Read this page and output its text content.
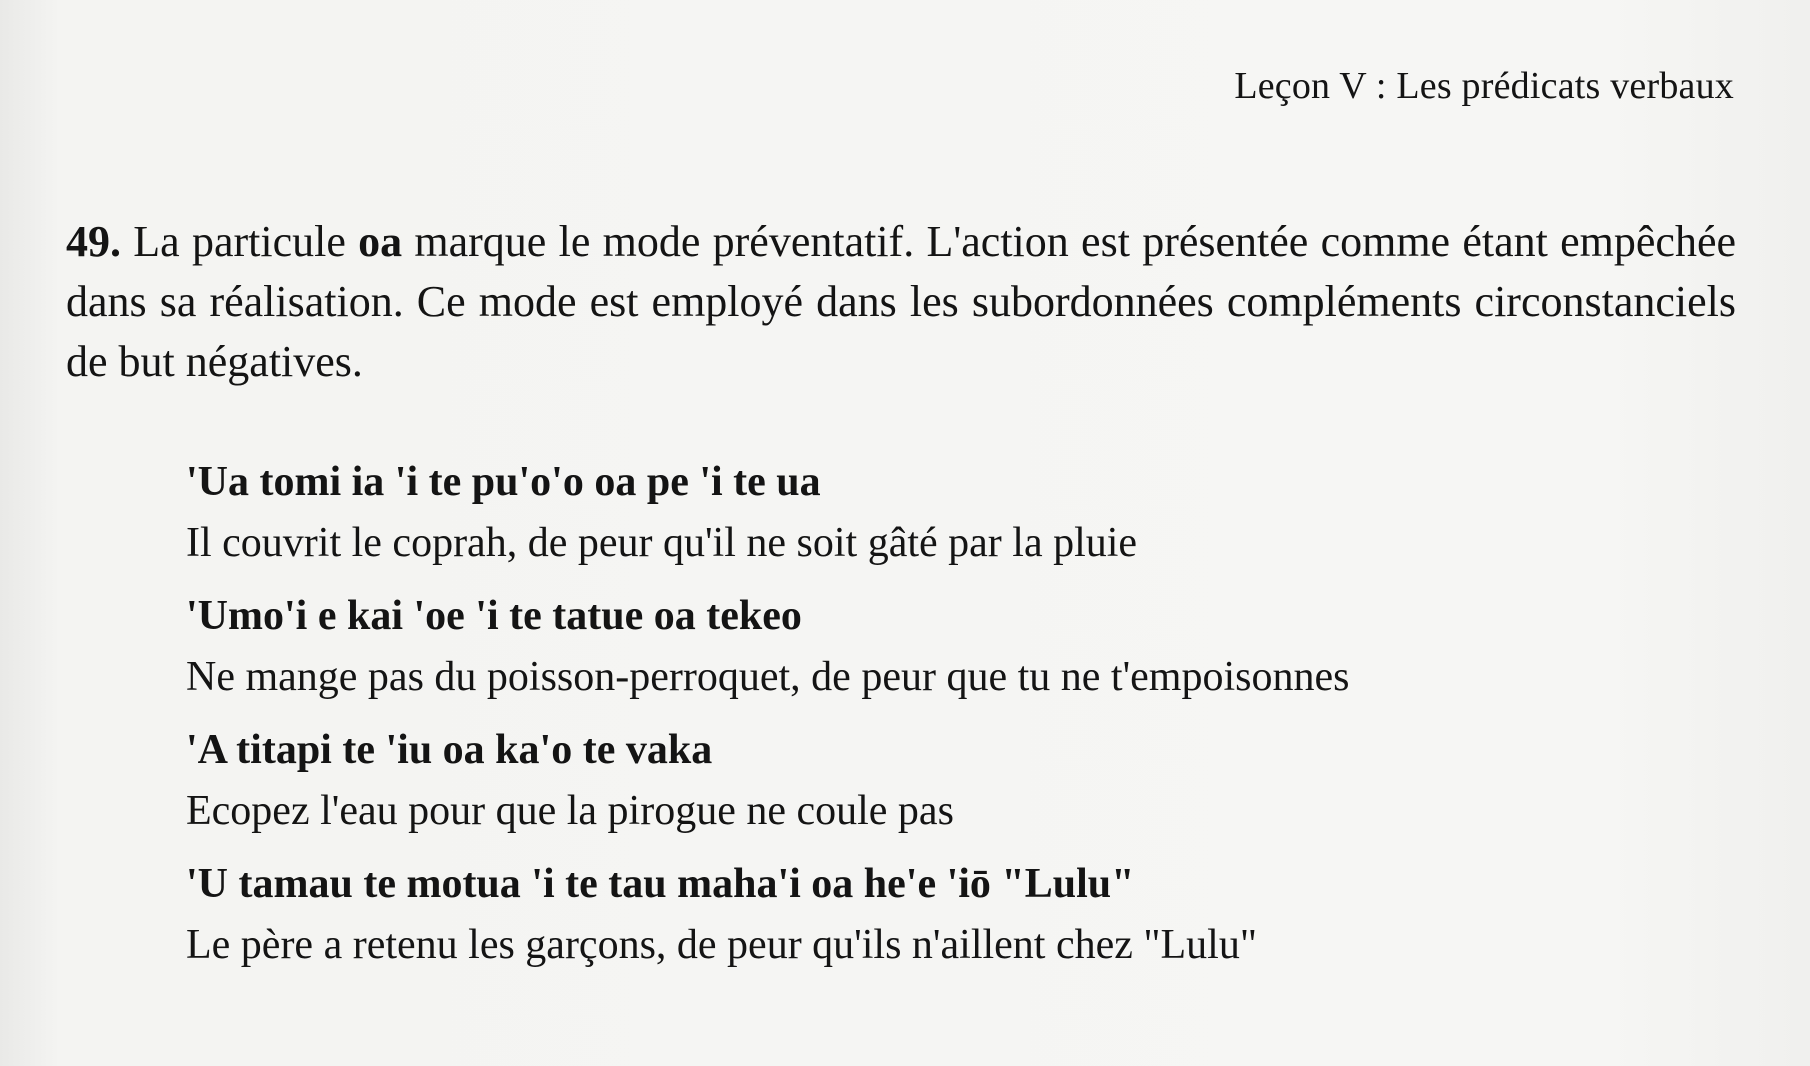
Leçon V : Les prédicats verbaux
49. La particule oa marque le mode préventatif. L'action est présentée comme étant empêchée dans sa réalisation. Ce mode est employé dans les subordonnées compléments circonstanciels de but négatives.
'Ua tomi ia 'i te pu'o'o oa pe 'i te ua
Il couvrit le coprah, de peur qu'il ne soit gâté par la pluie
'Umo'i e kai 'oe 'i te tatue oa tekeo
Ne mange pas du poisson-perroquet, de peur que tu ne t'empoisonnes
'A titapi te 'iu oa ka'o te vaka
Ecopez l'eau pour que la pirogue ne coule pas
'U tamau te motua 'i te tau maha'i oa he'e 'iō "Lulu"
Le père a retenu les garçons, de peur qu'ils n'aillent chez "Lulu"
